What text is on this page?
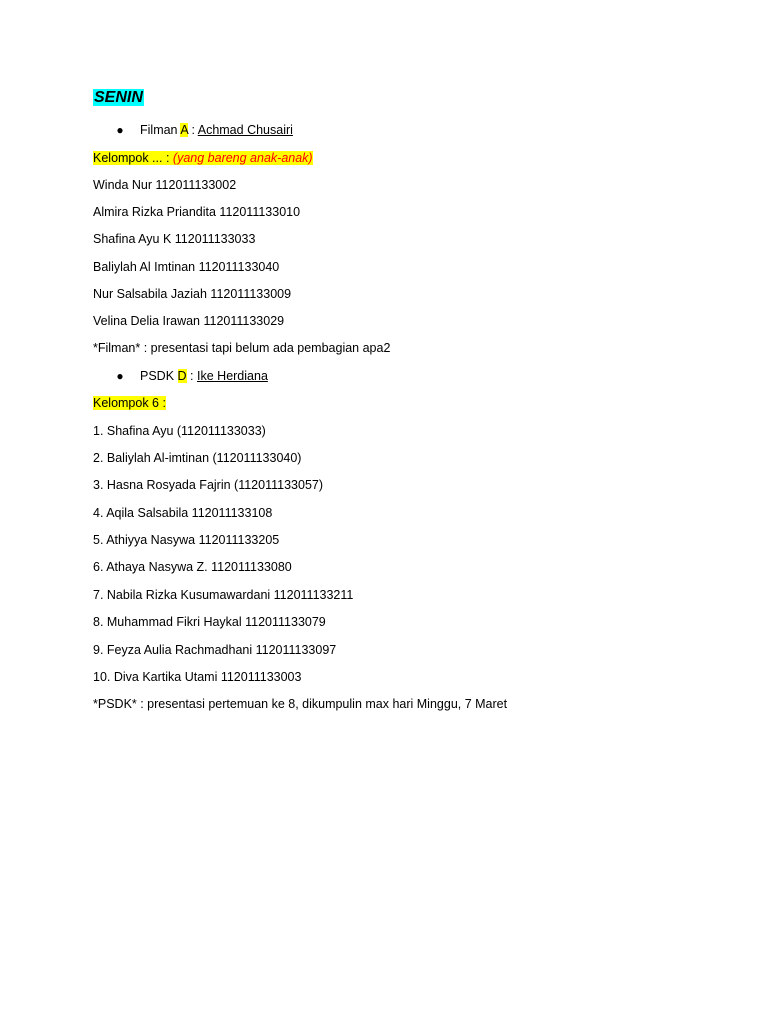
SENIN
● Filman A : Achmad Chusairi
Kelompok ... : (yang bareng anak-anak)
Winda Nur 112011133002
Almira Rizka Priandita 112011133010
Shafina Ayu K 112011133033
Baliylah Al Imtinan 112011133040
Nur Salsabila Jaziah 112011133009
Velina Delia Irawan 112011133029
*Filman* : presentasi tapi belum ada pembagian apa2
● PSDK D : Ike Herdiana
Kelompok 6 :
1. Shafina Ayu (112011133033)
2. Baliylah Al-imtinan (112011133040)
3. Hasna Rosyada Fajrin (112011133057)
4. Aqila Salsabila 112011133108
5. Athiyya Nasywa 112011133205
6. Athaya Nasywa Z. 112011133080
7. Nabila Rizka Kusumawardani 112011133211
8. Muhammad Fikri Haykal 112011133079
9. Feyza Aulia Rachmadhani 112011133097
10. Diva Kartika Utami 112011133003
*PSDK* : presentasi pertemuan ke 8, dikumpulin max hari Minggu, 7 Maret
